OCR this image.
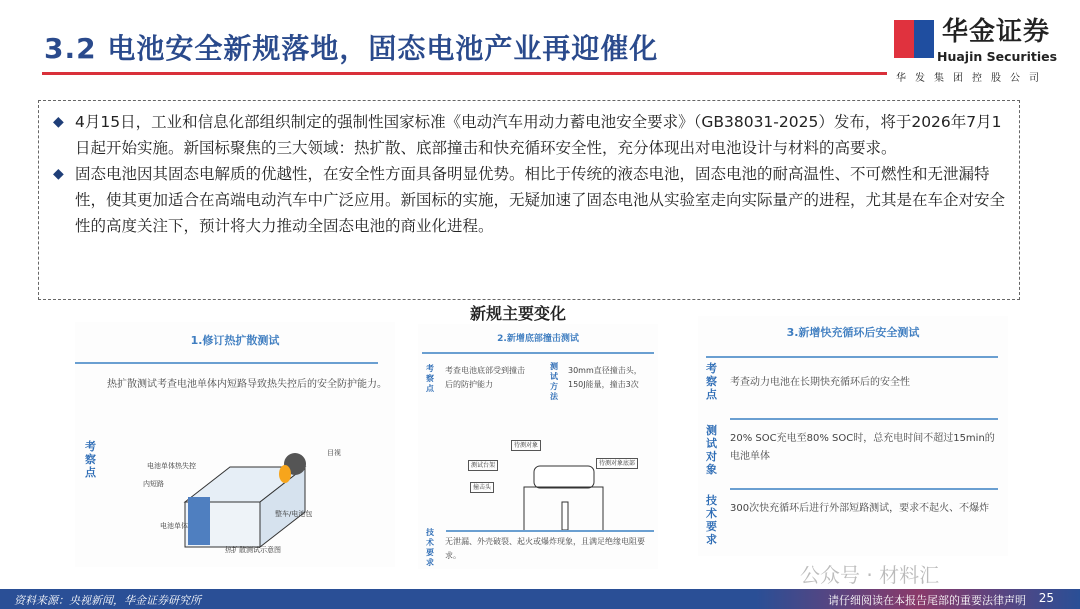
3.2 电池安全新规落地，固态电池产业再迎催化	华金证券
Huajin Securities
华发集团控股公司
◆ 4月15日，工业和信息化部组织制定的强制性国家标准《电动汽车用动力蓄电池安全要求》（GB38031-2025）发布，将于2026年7月1日起开始实施。新国标聚焦的三大领域：热扩散、底部撞击和快充循环安全性，充分体现出对电池设计与材料的高要求。
◆ 固态电池因其固态电解质的优越性，在安全性方面具备明显优势。相比于传统的液态电池，固态电池的耐高温性、不可燃性和无泄漏特性，使其更加适合在高端电动汽车中广泛应用。新国标的实施，无疑加速了固态电池从实验室走向实际量产的进程，尤其是在车企对安全性的高度关注下，预计将大力推动全固态电池的商业化进程。
新规主要变化
1.修订热扩散测试
热扩散测试考查电池单体内短路导致热失控后的安全防护能力。
考察点	电池单体热失控
内短路
电池单体
整车/电池包
目视
热扩散测试示意图
2.新增底部撞击测试
考察点
考查电池底部受到撞击后的防护能力
测试方法
30mm直径撞击头，150J能量，撞击3次
待测对象
测试台架	待测对象底部
撞击头
技术要求
无泄漏、外壳破裂、起火或爆炸现象，且满足绝缘电阻要求。
3.新增快充循环后安全测试
考察点
考查动力电池在长期快充循环后的安全性
测试对象
20% SOC充电至80% SOC时，总充电时间不超过15min的电池单体
技术要求
300次快充循环后进行外部短路测试，要求不起火、不爆炸
公众号 · 材料汇
资料来源：央视新闻，华金证券研究所	请仔细阅读在本报告尾部的重要法律声明 25
